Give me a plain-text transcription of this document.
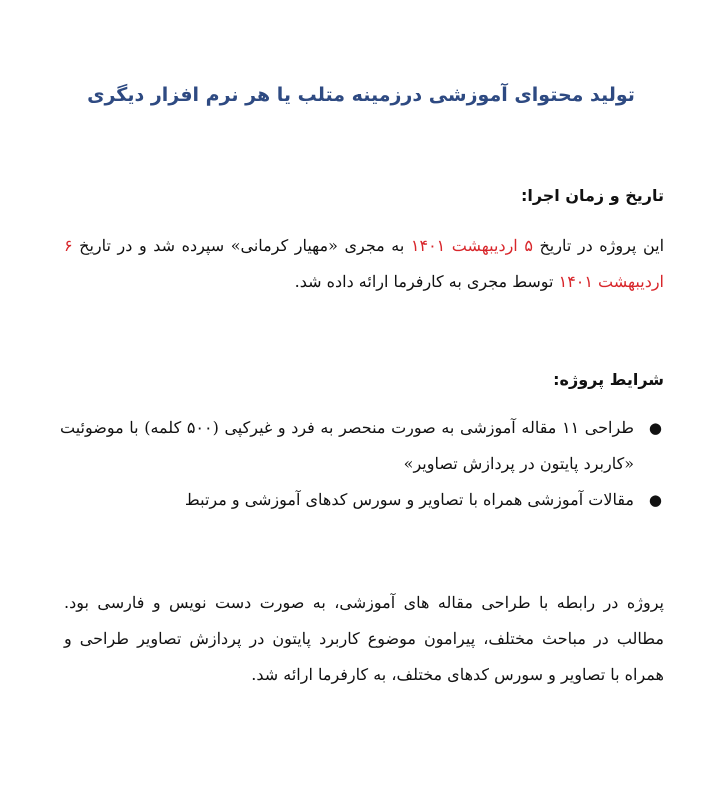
تولید محتوای آموزشی درزمینه متلب یا هر نرم افزار دیگری
تاریخ و زمان اجرا:
این پروژه در تاریخ ۵ اردیبهشت ۱۴۰۱ به مجری «مهیار کرمانی» سپرده شد و در تاریخ ۶ اردیبهشت ۱۴۰۱ توسط مجری به کارفرما ارائه داده شد.
شرایط پروژه:
●
طراحی ۱۱ مقاله آموزشی به صورت منحصر به فرد و غیرکپی (۵۰۰ کلمه) با موضوئیت «کاربرد پایتون در پردازش تصاویر»
●
مقالات آموزشی همراه با تصاویر و سورس کدهای آموزشی و مرتبط
پروژه در رابطه با طراحی مقاله های آموزشی، به صورت دست نویس و فارسی بود. مطالب در مباحث مختلف، پیرامون موضوع کاربرد پایتون در پردازش تصاویر طراحی و همراه با تصاویر و سورس کدهای مختلف، به کارفرما ارائه شد.
